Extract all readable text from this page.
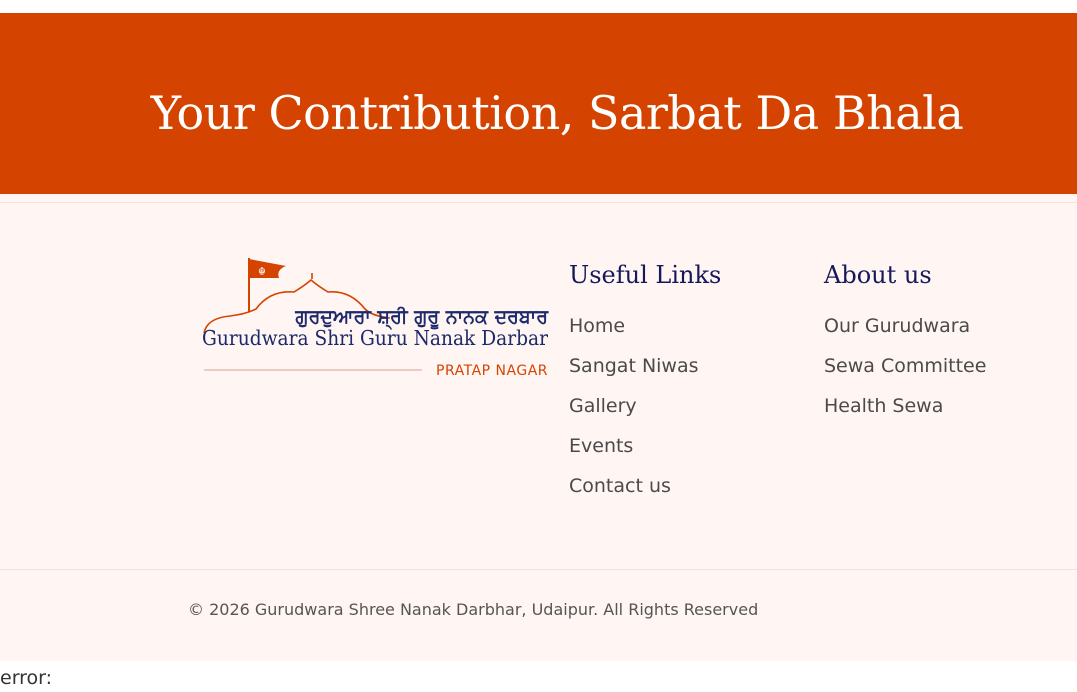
Your Contribution, Sarbat Da Bhala
☬
ਗੁਰਦੁਆਰਾ ਸ਼੍ਰੀ ਗੁਰੂ ਨਾਨਕ ਦਰਬਾਰ
Gurudwara Shri Guru Nanak Darbar
PRATAP NAGAR
Useful Links
Home
Sangat Niwas
Gallery
Events
Contact us
About us
Our Gurudwara
Sewa Committee
Health Sewa

© 2026 Gurudwara Shree Nanak Darbhar, Udaipur. All Rights Reserved

error:
